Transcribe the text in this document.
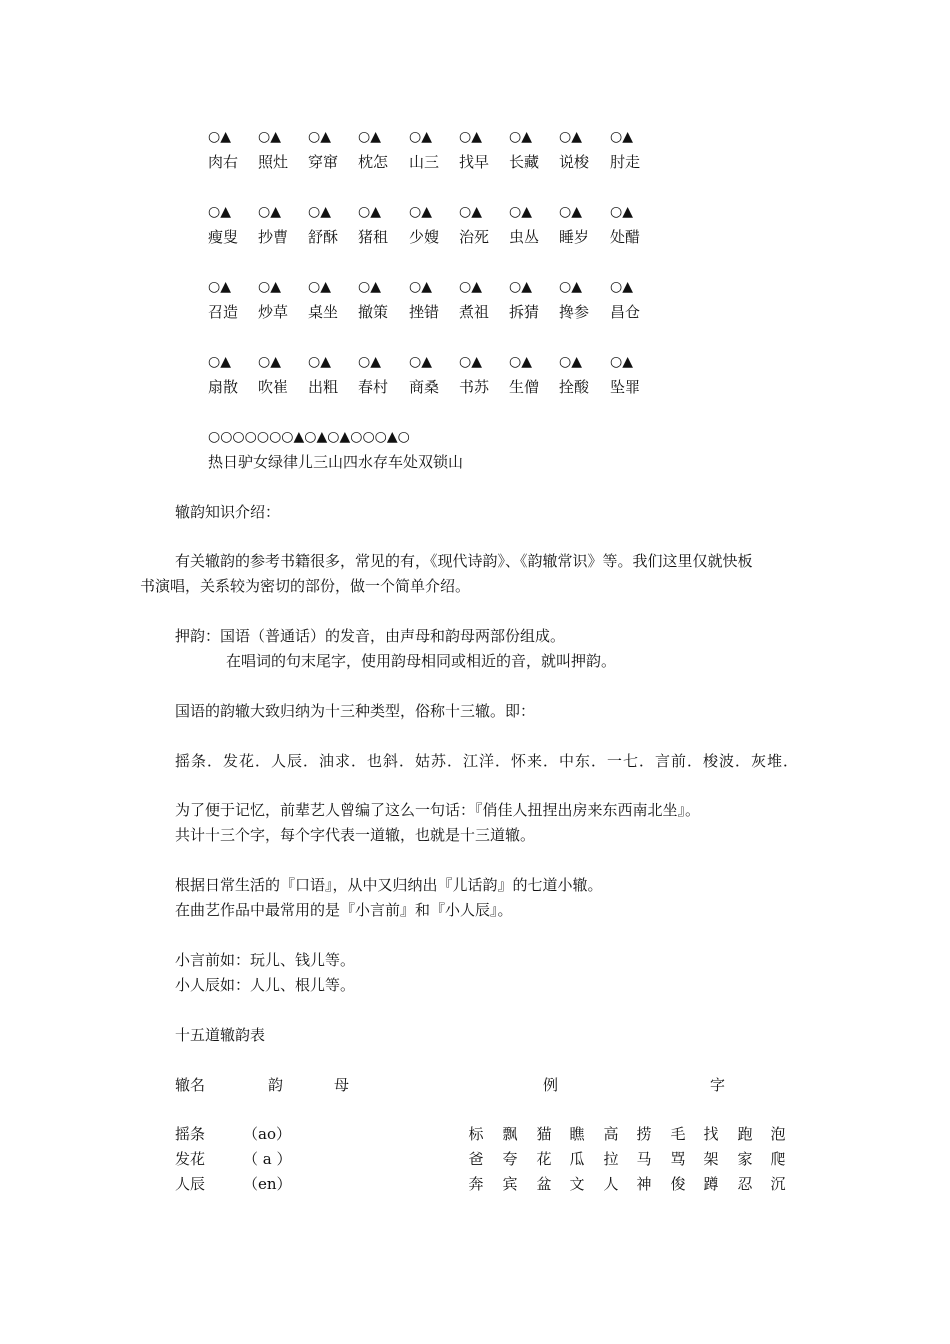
○▲	○▲	○▲	○▲	○▲	○▲	○▲	○▲	○▲
肉右	照灶	穿窜	枕怎	山三	找早	长藏	说梭	肘走
○▲	○▲	○▲	○▲	○▲	○▲	○▲	○▲	○▲
瘦叟	抄曹	舒酥	猪租	少嫂	治死	虫丛	睡岁	处醋
○▲	○▲	○▲	○▲	○▲	○▲	○▲	○▲	○▲
召造	炒草	桌坐	撤策	挫错	煮祖	拆猜	搀参	昌仓
○▲	○▲	○▲	○▲	○▲	○▲	○▲	○▲	○▲
扇散	吹崔	出粗	春村	商桑	书苏	生僧	拴酸	坠罪
○○○○○○○▲○▲○▲○○○▲○
热日驴女绿律儿三山四水存车处双锁山
辙韵知识介绍：
有关辙韵的参考书籍很多，常见的有，《现代诗韵》、《韵辙常识》等。我们这里仅就快板
书演唱，关系较为密切的部份，做一个简单介绍。
押韵：国语（普通话）的发音，由声母和韵母两部份组成。
在唱词的句末尾字，使用韵母相同或相近的音，就叫押韵。
国语的韵辙大致归纳为十三种类型，俗称十三辙。即：
摇条．发花．人辰．油求．也斜．姑苏．江洋．怀来．中东．一七．言前．梭波．灰堆．
为了便于记忆，前辈艺人曾编了这么一句话：『俏佳人扭捏出房来东西南北坐』。
共计十三个字，每个字代表一道辙，也就是十三道辙。
根据日常生活的『口语』，从中又归纳出『儿话韵』的七道小辙。
在曲艺作品中最常用的是『小言前』和『小人辰』。
小言前如：玩儿、钱儿等。
小人辰如：人儿、根儿等。
十五道辙韵表
辙名	韵	母	例	字
摇条	（ao）	标	飘	猫	瞧	高	捞	毛	找	跑	泡
发花	（ a ）	爸	夸	花	瓜	拉	马	骂	架	家	爬
人辰	（en）	奔	宾	盆	文	人	神	俊	蹲	忍	沉
